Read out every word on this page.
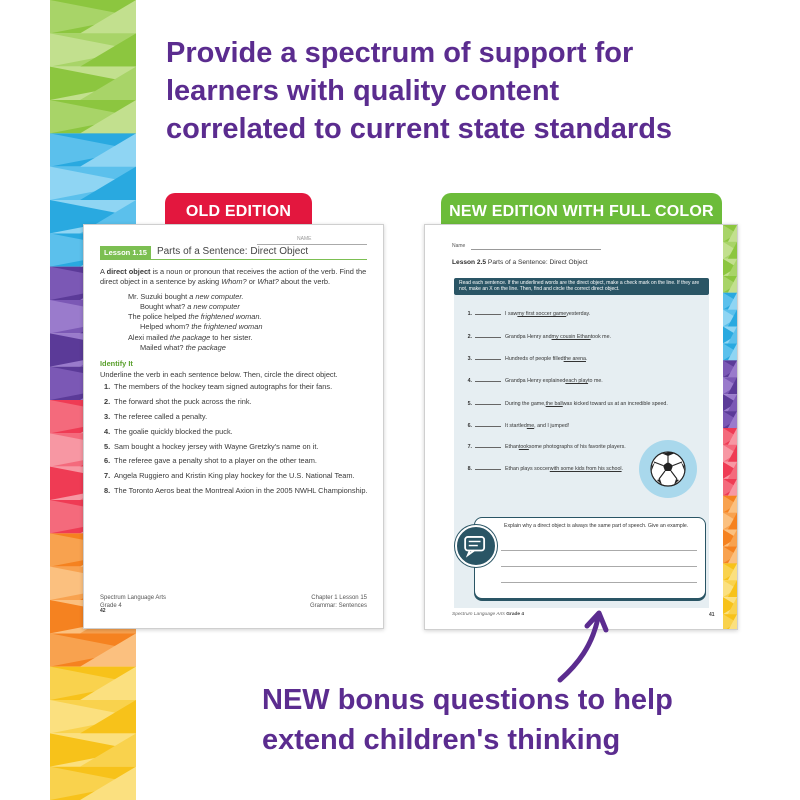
Provide a spectrum of support for
learners with quality content
correlated to current state standards
OLD EDITION	NEW EDITION WITH FULL COLOR
NAME
Lesson 1.15	Parts of a Sentence: Direct Object

A direct object is a noun or pronoun that receives the action of the verb. Find the direct object in a sentence by asking Whom? or What? about the verb.

Mr. Suzuki bought a new computer.
Bought what? a new computer
The police helped the frightened woman.
Helped whom? the frightened woman
Alexi mailed the package to her sister.
Mailed what? the package
Identify It
Underline the verb in each sentence below. Then, circle the direct object.
1. The members of the hockey team signed autographs for their fans.
2. The forward shot the puck across the rink.
3. The referee called a penalty.
4. The goalie quickly blocked the puck.
5. Sam bought a hockey jersey with Wayne Gretzky's name on it.
6. The referee gave a penalty shot to a player on the other team.
7. Angela Ruggiero and Kristin King play hockey for the U.S. National Team.
8. The Toronto Aeros beat the Montreal Axion in the 2005 NWHL Championship.
Spectrum Language Arts
Grade 4
Chapter 1 Lesson 15
Grammar: Sentences
42
Name
Lesson 2.5 Parts of a Sentence: Direct Object
Read each sentence. If the underlined words are the direct object, make a check mark on the line. If they are not, make an X on the line. Then, find and circle the correct direct object.
1.	I saw my first soccer game yesterday.
2.	Grandpa Henry and my cousin Ethan took me.
3.	Hundreds of people filled the arena .
4.	Grandpa Henry explained each play to me.
5.	During the game, the ball was kicked toward us at an incredible speed.
6.	It startled me , and I jumped!
7.	Ethan took some photographs of his favorite players.
8.	Ethan plays soccer with some kids from his school .
Explain why a direct object is always the same part of speech. Give an example.
Spectrum Language Arts Grade 4	41
NEW bonus questions to help
extend children's thinking
